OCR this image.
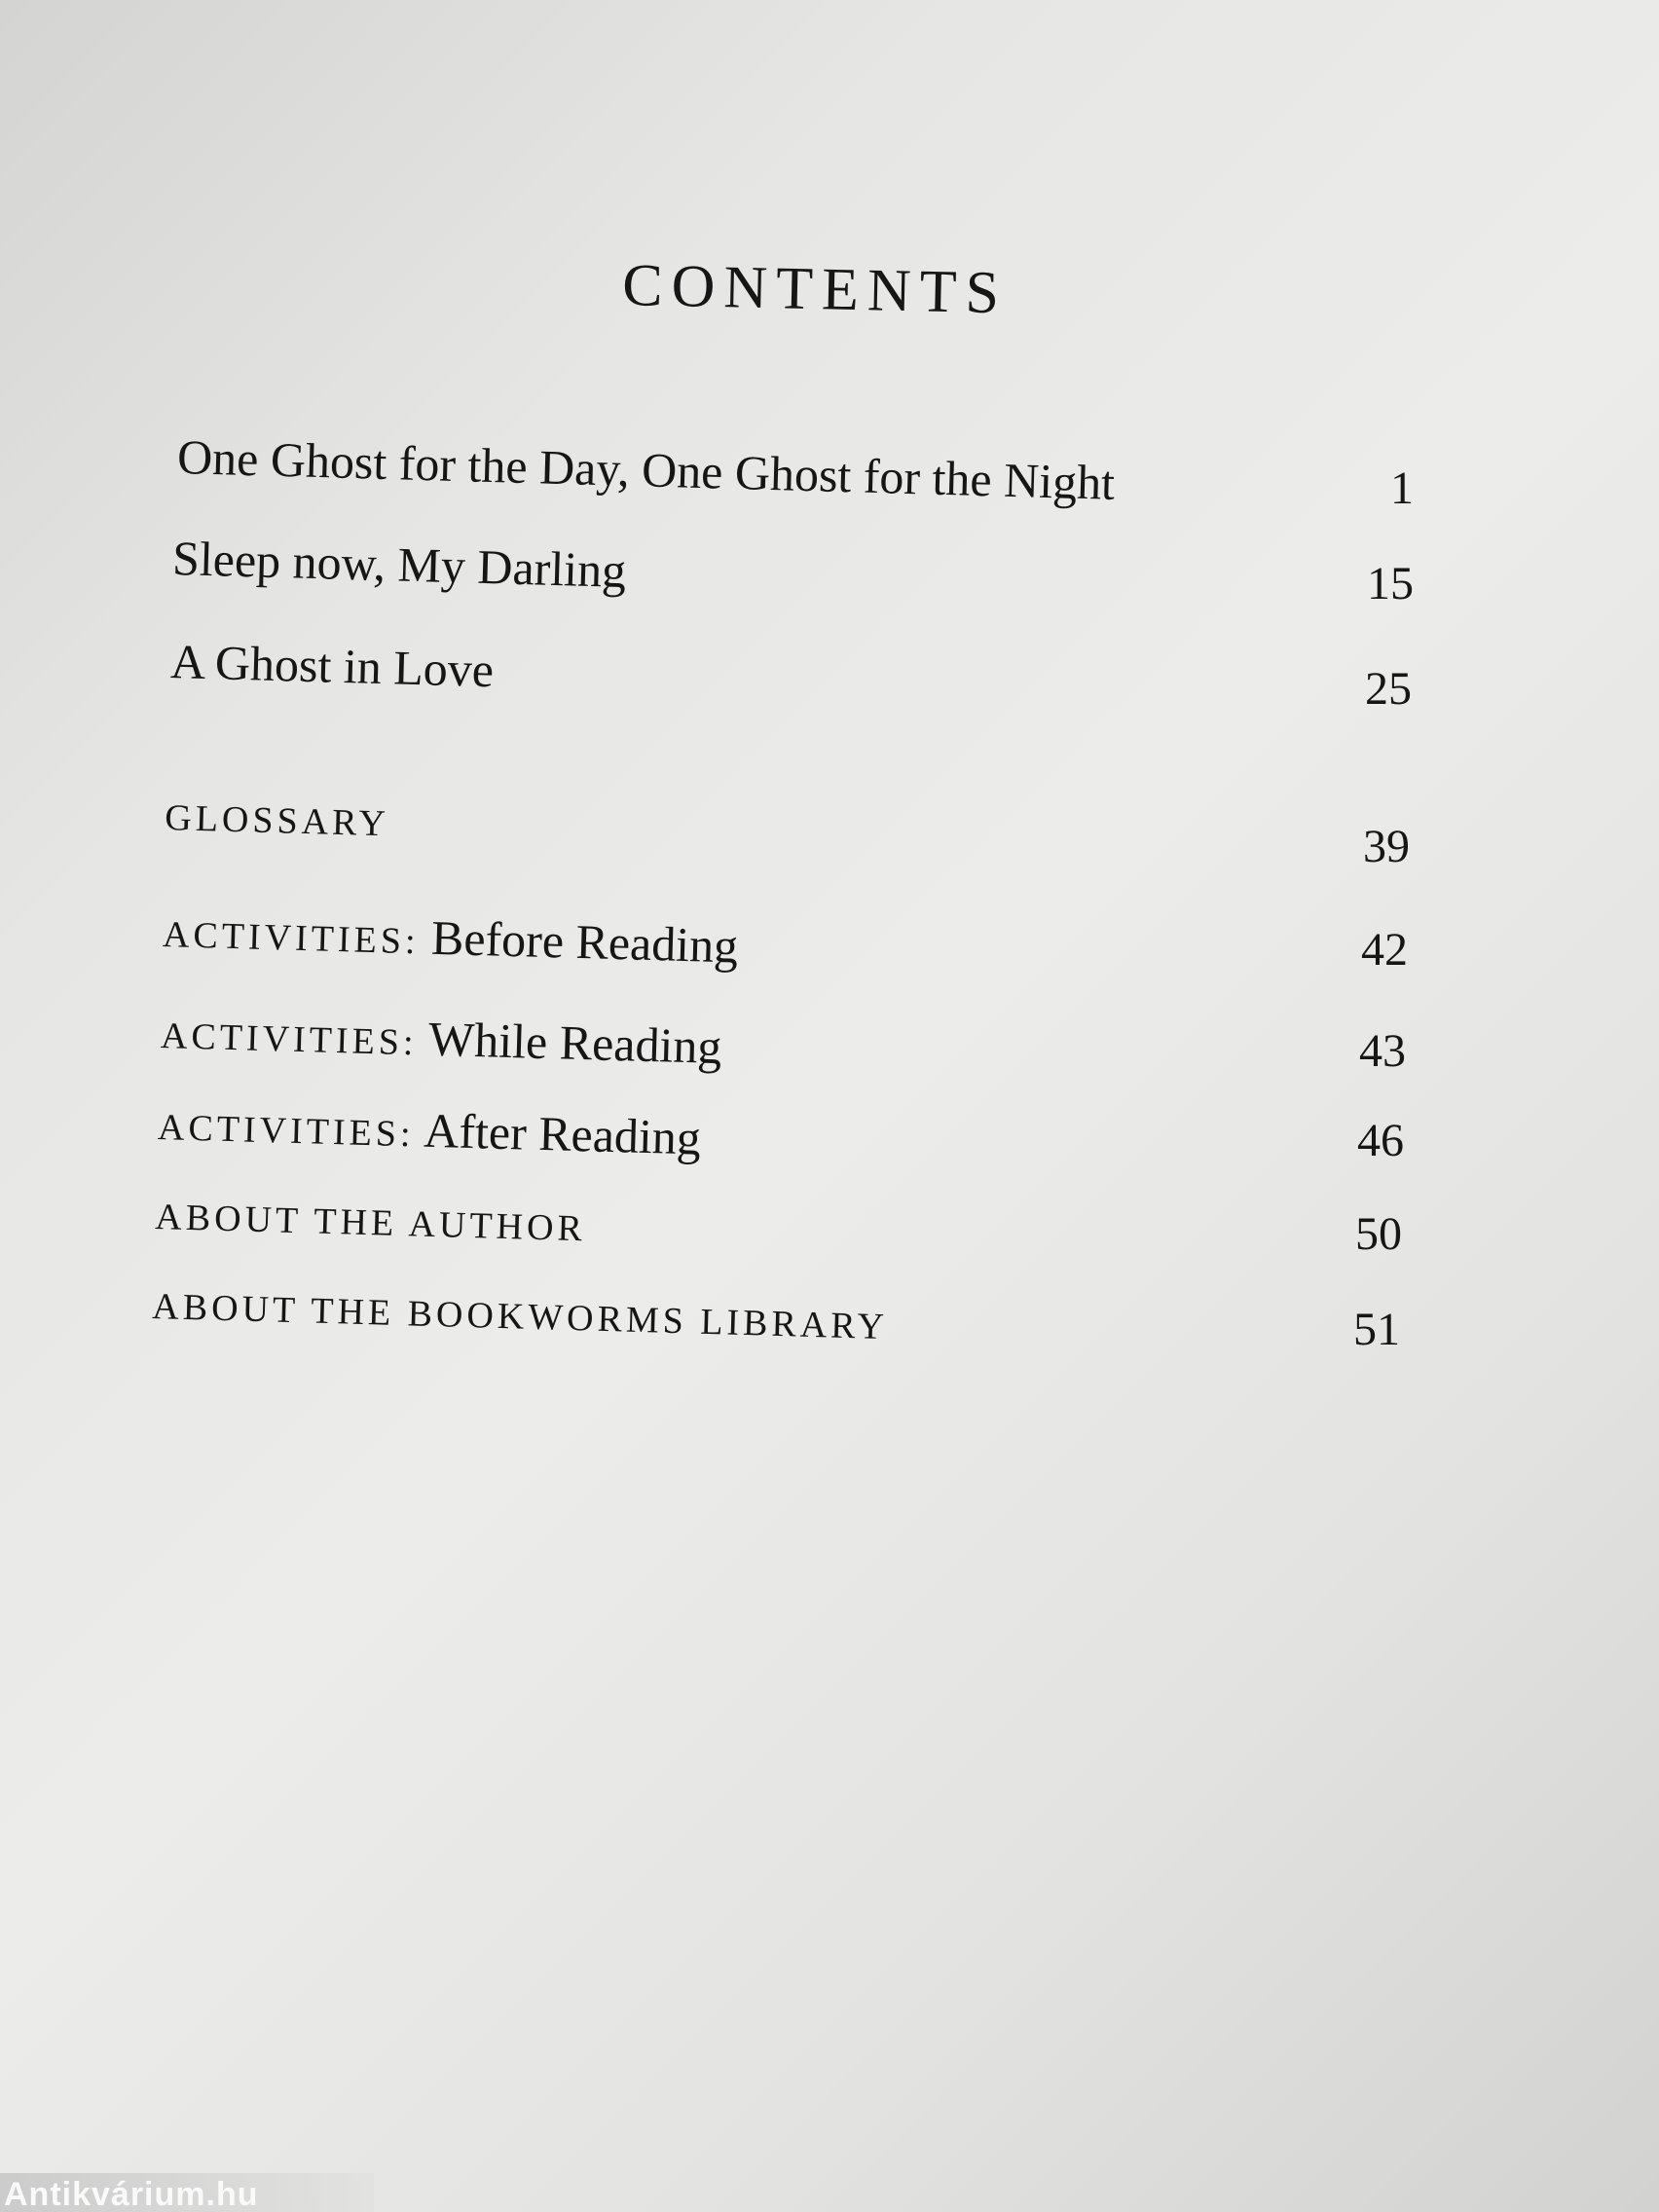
CONTENTS
One Ghost for the Day, One Ghost for the Night	1
Sleep now, My Darling	15
A Ghost in Love	25
GLOSSARY	39
ACTIVITIES: Before Reading	42
ACTIVITIES: While Reading	43
ACTIVITIES: After Reading	46
ABOUT THE AUTHOR	50
ABOUT THE BOOKWORMS LIBRARY	51
Antikvárium.hu
